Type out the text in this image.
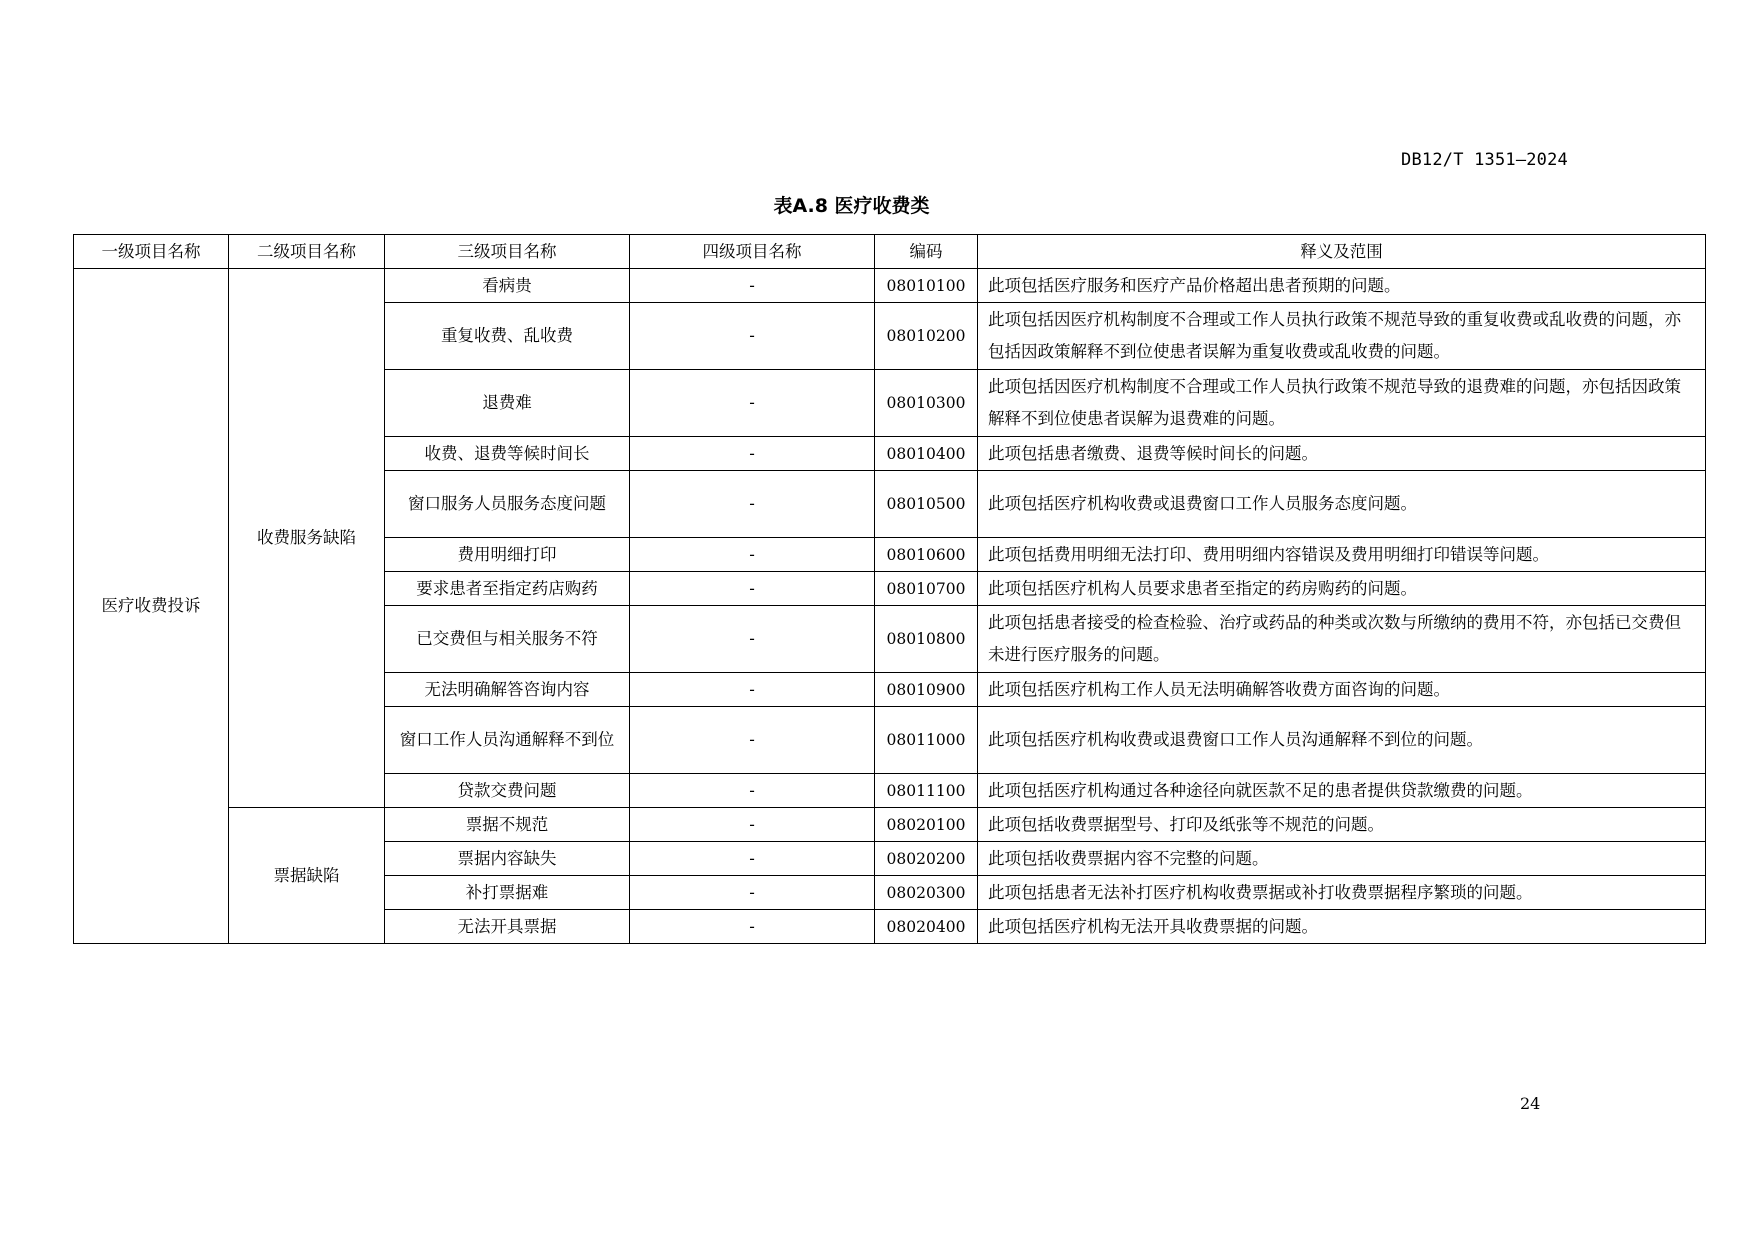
DB12/T 1351—2024
表A.8 医疗收费类
一级项目名称	二级项目名称	三级项目名称	四级项目名称	编码	释义及范围
医疗收费投诉	收费服务缺陷	看病贵	-	08010100	此项包括医疗服务和医疗产品价格超出患者预期的问题。
		重复收费、乱收费	-	08010200	此项包括因医疗机构制度不合理或工作人员执行政策不规范导致的重复收费或乱收费的问题，亦包括因政策解释不到位使患者误解为重复收费或乱收费的问题。
		退费难	-	08010300	此项包括因医疗机构制度不合理或工作人员执行政策不规范导致的退费难的问题，亦包括因政策解释不到位使患者误解为退费难的问题。
		收费、退费等候时间长	-	08010400	此项包括患者缴费、退费等候时间长的问题。
		窗口服务人员服务态度问题	-	08010500	此项包括医疗机构收费或退费窗口工作人员服务态度问题。
		费用明细打印	-	08010600	此项包括费用明细无法打印、费用明细内容错误及费用明细打印错误等问题。
		要求患者至指定药店购药	-	08010700	此项包括医疗机构人员要求患者至指定的药房购药的问题。
		已交费但与相关服务不符	-	08010800	此项包括患者接受的检查检验、治疗或药品的种类或次数与所缴纳的费用不符，亦包括已交费但未进行医疗服务的问题。
		无法明确解答咨询内容	-	08010900	此项包括医疗机构工作人员无法明确解答收费方面咨询的问题。
		窗口工作人员沟通解释不到位	-	08011000	此项包括医疗机构收费或退费窗口工作人员沟通解释不到位的问题。
		贷款交费问题	-	08011100	此项包括医疗机构通过各种途径向就医款不足的患者提供贷款缴费的问题。
	票据缺陷	票据不规范	-	08020100	此项包括收费票据型号、打印及纸张等不规范的问题。
		票据内容缺失	-	08020200	此项包括收费票据内容不完整的问题。
		补打票据难	-	08020300	此项包括患者无法补打医疗机构收费票据或补打收费票据程序繁琐的问题。
		无法开具票据	-	08020400	此项包括医疗机构无法开具收费票据的问题。
24
